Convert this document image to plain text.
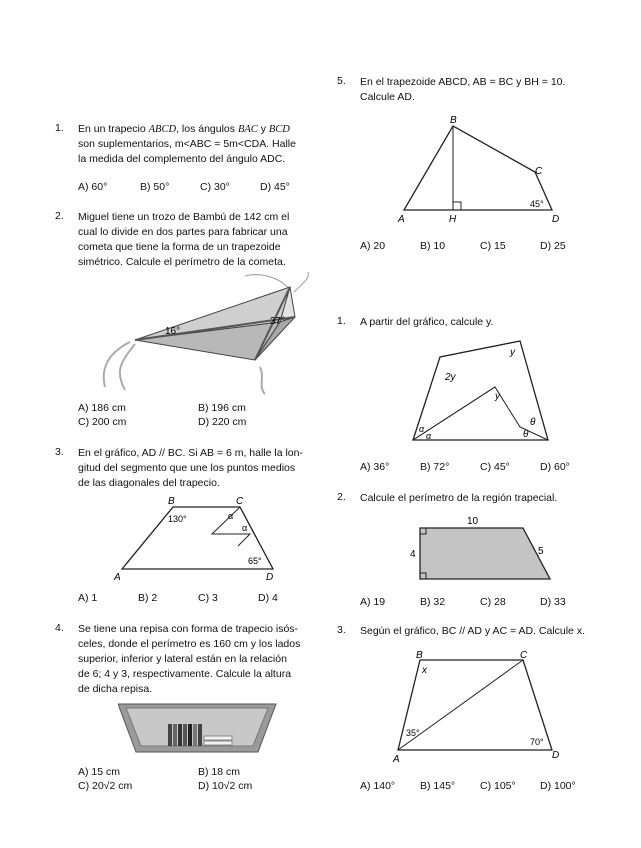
1. En un trapecio ABCD, los ángulos BAC y BCD
son suplementarios, m<ABC = 5m<CDA. Halle
la medida del complemento del ángulo ADC.
A) 60°	B) 50°	C) 30°	D) 45°
2. Miguel tiene un trozo de Bambú de 142 cm el
cual lo divide en dos partes para fabricar una
cometa que tiene la forma de un trapezoide
simétrico. Calcule el perímetro de la cometa.
16°
37°
A) 186 cm	B) 196 cm
C) 200 cm	D) 220 cm
3. En el gráfico, AD // BC. Si AB = 6 m, halle la lon-
gitud del segmento que une los puntos medios
de las diagonales del trapecio.
B	C
A	D
130°
65°
α
α
A) 1	B) 2	C) 3	D) 4
4. Se tiene una repisa con forma de trapecio isós-
celes, donde el perímetro es 160 cm y los lados
superior, inferior y lateral están en la relación
de 6; 4 y 3, respectivamente. Calcule la altura
de dicha repisa.
A) 15 cm	B) 18 cm
C) 20√2 cm	D) 10√2 cm
5. En el trapezoide ABCD, AB = BC y BH = 10.
Calcule AD.
B
C
A	H	D
45°
A) 20	B) 10	C) 15	D) 25
1. A partir del gráfico, calcule y.
y
2y
y
θ
θ
α
α
A) 36°	B) 72°	C) 45°	D) 60°
2. Calcule el perímetro de la región trapecial.
10
4	5
A) 19	B) 32	C) 28	D) 33
3. Según el gráfico, BC // AD y AC = AD. Calcule x.
B	C
A	D
x
35°
70°
A) 140°	B) 145°	C) 105°	D) 100°
